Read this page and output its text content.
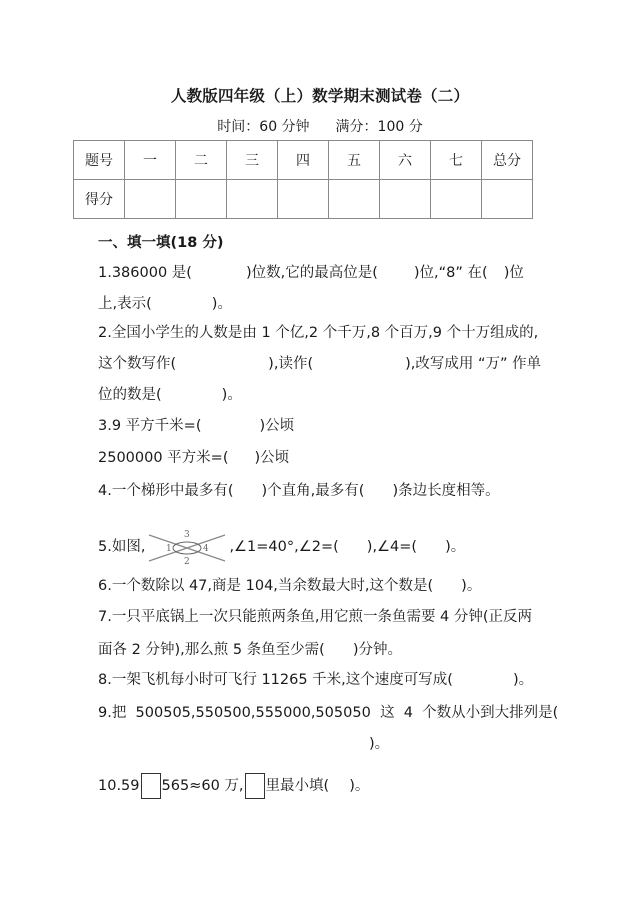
人教版四年级（上）数学期末测试卷（二）
时间：60 分钟 满分：100 分
题号	一	二	三	四	五	六	七	总分
得分								
一、填一填(18 分)
1.386000 是(	)位数,它的最高位是( )位,“8” 在( )位
上,表示(	)。
2.全国小学生的人数是由 1 个亿,2 个千万,8 个百万,9 个十万组成的,
这个数写作(	),读作(	),改写成用 “万” 作单
位的数是(	)。
3.9 平方千米=(	)公顷
2500000 平方米=( )公顷
4.一个梯形中最多有( )个直角,最多有( )条边长度相等。
5.如图,
3
1	4
2
,∠1=40°,∠2=( ),∠4=( )。
6.一个数除以 47,商是 104,当余数最大时,这个数是( )。
7.一只平底锅上一次只能煎两条鱼,用它煎一条鱼需要 4 分钟(正反两
面各 2 分钟),那么煎 5 条鱼至少需( )分钟。
8.一架飞机每小时可飞行 11265 千米,这个速度可写成(	)。
9.把  500505,550500,555000,505050  这  4  个数从小到大排列是(
)。
10.59 565≈60 万, 里最小填( )。
